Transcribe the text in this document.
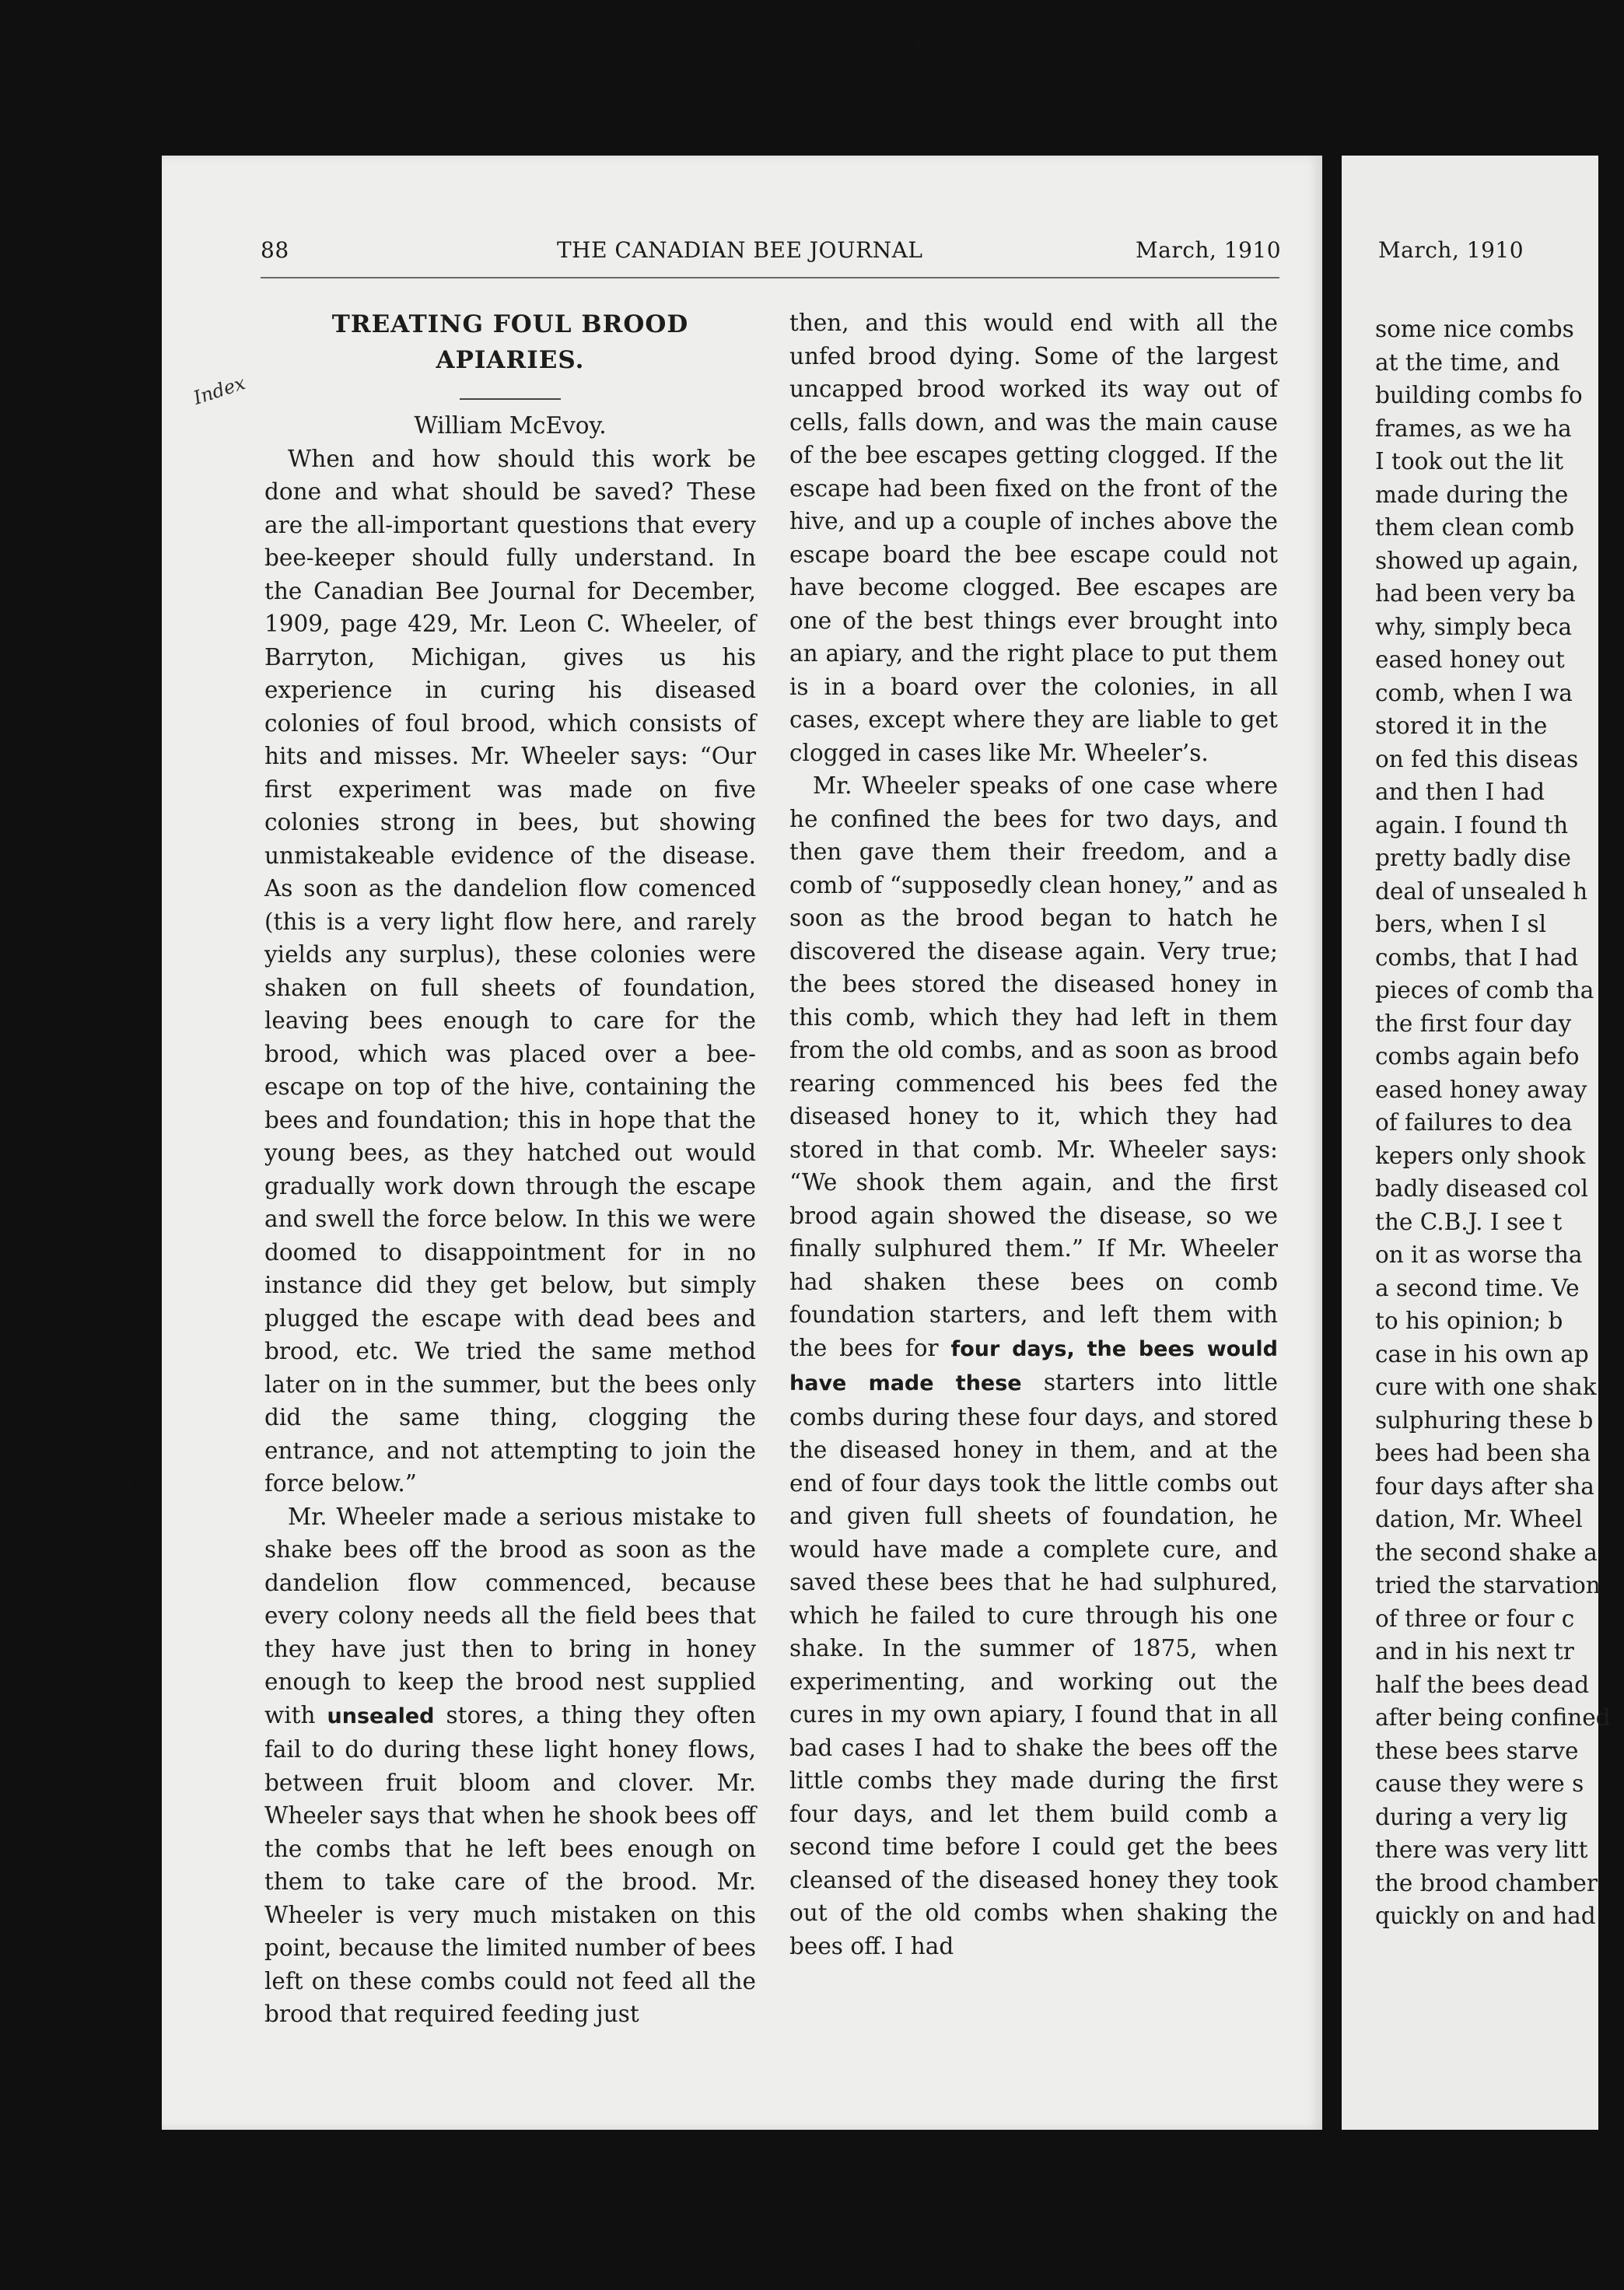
88	THE CANADIAN BEE JOURNAL	March, 1910	March, 1910
Index
TREATING FOUL BROOD APIARIES.

William McEvoy.

When and how should this work be done and what should be saved? These are the all-important questions that every bee-keeper should fully understand. In the Canadian Bee Journal for December, 1909, page 429, Mr. Leon C. Wheeler, of Barryton, Michigan, gives us his experience in curing his diseased colonies of foul brood, which consists of hits and misses. Mr. Wheeler says: “Our first experiment was made on five colonies strong in bees, but showing unmistakeable evidence of the disease. As soon as the dandelion flow comenced (this is a very light flow here, and rarely yields any surplus), these colonies were shaken on full sheets of foundation, leaving bees enough to care for the brood, which was placed over a bee-escape on top of the hive, containing the bees and foundation; this in hope that the young bees, as they hatched out would gradually work down through the escape and swell the force below. In this we were doomed to disappointment for in no instance did they get below, but simply plugged the escape with dead bees and brood, etc. We tried the same method later on in the summer, but the bees only did the same thing, clogging the entrance, and not attempting to join the force below.”

Mr. Wheeler made a serious mistake to shake bees off the brood as soon as the dandelion flow commenced, because every colony needs all the field bees that they have just then to bring in honey enough to keep the brood nest supplied with unsealed stores, a thing they often fail to do during these light honey flows, between fruit bloom and clover. Mr. Wheeler says that when he shook bees off the combs that he left bees enough on them to take care of the brood. Mr. Wheeler is very much mistaken on this point, because the limited number of bees left on these combs could not feed all the brood that required feeding just

then, and this would end with all the unfed brood dying. Some of the largest uncapped brood worked its way out of cells, falls down, and was the main cause of the bee escapes getting clogged. If the escape had been fixed on the front of the hive, and up a couple of inches above the escape board the bee escape could not have become clogged. Bee escapes are one of the best things ever brought into an apiary, and the right place to put them is in a board over the colonies, in all cases, except where they are liable to get clogged in cases like Mr. Wheeler’s.

Mr. Wheeler speaks of one case where he confined the bees for two days, and then gave them their freedom, and a comb of “supposedly clean honey,” and as soon as the brood began to hatch he discovered the disease again. Very true; the bees stored the diseased honey in this comb, which they had left in them from the old combs, and as soon as brood rearing commenced his bees fed the diseased honey to it, which they had stored in that comb. Mr. Wheeler says: “We shook them again, and the first brood again showed the disease, so we finally sulphured them.” If Mr. Wheeler had shaken these bees on comb foundation starters, and left them with the bees for four days, the bees would have made these starters into little combs during these four days, and stored the diseased honey in them, and at the end of four days took the little combs out and given full sheets of foundation, he would have made a complete cure, and saved these bees that he had sulphured, which he failed to cure through his one shake. In the summer of 1875, when experimenting, and working out the cures in my own apiary, I found that in all bad cases I had to shake the bees off the little combs they made during the first four days, and let them build comb a second time before I could get the bees cleansed of the diseased honey they took out of the old combs when shaking the bees off. I had

some nice combs
at the time, and
building combs fo
frames, as we ha
I took out the lit
made during the
them clean comb
showed up again,
had been very ba
why, simply beca
eased honey out
comb, when I wa
stored it in the
on fed this diseas
and then I had
again. I found th
pretty badly dise
deal of unsealed h
bers, when I sl
combs, that I had
pieces of comb tha
the first four day
combs again befo
eased honey away
of failures to dea
kepers only shook
badly diseased col
the C.B.J. I see t
on it as worse tha
a second time. Ve
to his opinion; b
case in his own ap
cure with one shak
sulphuring these b
bees had been sha
four days after sha
dation, Mr. Wheel
the second shake a
tried the starvation
of three or four c
and in his next tr
half the bees dead
after being confined
these bees starve
cause they were s
during a very lig
there was very litt
the brood chamber
quickly on and had
